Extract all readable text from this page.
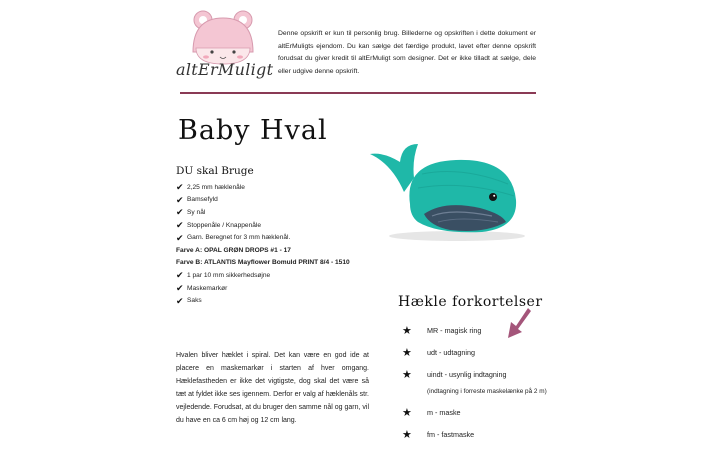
altErMuligt
Denne opskrift er kun til personlig brug. Billederne og opskriften i dette dokument er altErMuligts ejendom. Du kan sælge det færdige produkt, lavet efter denne opskrift forudsat du giver kredit til altErMuligt som designer. Det er ikke tilladt at sælge, dele eller udgive denne opskrift.
Baby Hval
DU skal Bruge
✔ 2,25 mm hæklenåle
✔ Bamsefyld
✔ Sy nål
✔ Stoppenåle / Knappenåle
✔ Garn. Beregnet for 3 mm hæklenål.
Farve A: OPAL GRØN DROPS #1 - 17
Farve B: ATLANTIS Mayflower Bomuld PRINT 8/4 - 1510
✔ 1 par 10 mm sikkerhedsøjne
✔ Maskemarkør
✔ Saks	Hækle forkortelser
★ MR - magisk ring
★ udt - udtagning
★ uindt - usynlig indtagning
★ m - maske
★ fm - fastmaske
(indtagning i forreste maskelænke på 2 m)
Hvalen bliver hæklet i spiral. Det kan være en god ide at placere en maskemarkør i starten af hver omgang. Hæklefastheden er ikke det vigtigste, dog skal det være så tæt at fyldet ikke ses igennem. Derfor er valg af hæklenåls str. vejledende. Forudsat, at du bruger den samme nål og garn, vil du have en ca 6 cm høj og 12 cm lang.
